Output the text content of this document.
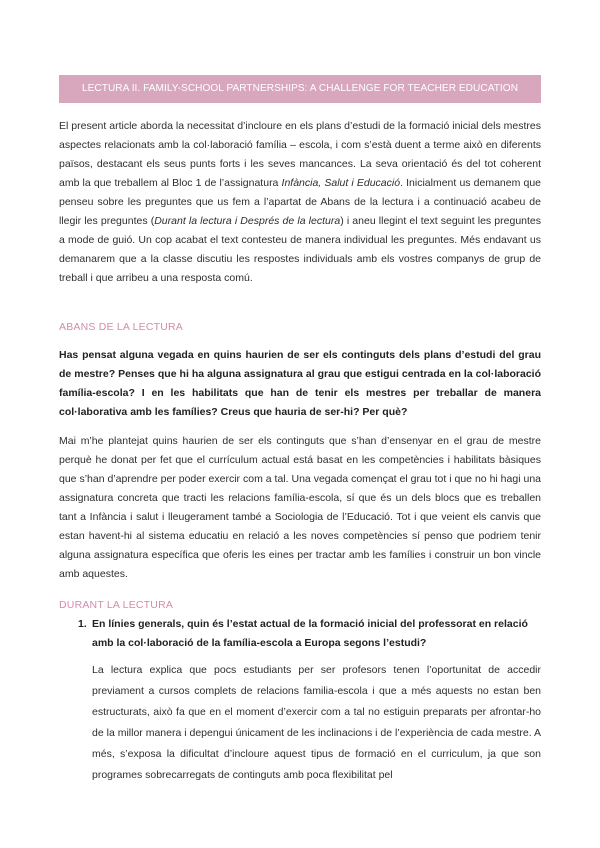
LECTURA II. FAMILY-SCHOOL PARTNERSHIPS: A CHALLENGE FOR TEACHER EDUCATION

El present article aborda la necessitat d’incloure en els plans d’estudi de la formació inicial dels mestres aspectes relacionats amb la col·laboració família – escola, i com s’està duent a terme això en diferents països, destacant els seus punts forts i les seves mancances. La seva orientació és del tot coherent amb la que treballem al Bloc 1 de l’assignatura Infància, Salut i Educació. Inicialment us demanem que penseu sobre les preguntes que us fem a l’apartat de Abans de la lectura i a continuació acabeu de llegir les preguntes (Durant la lectura i Després de la lectura) i aneu llegint el text seguint les preguntes a mode de guió. Un cop acabat el text contesteu de manera individual les preguntes. Més endavant us demanarem que a la classe discutiu les respostes individuals amb els vostres companys de grup de treball i que arribeu a una resposta comú.

ABANS DE LA LECTURA

Has pensat alguna vegada en quins haurien de ser els continguts dels plans d’estudi del grau de mestre? Penses que hi ha alguna assignatura al grau que estigui centrada en la col·laboració família-escola? I en les habilitats que han de tenir els mestres per treballar de manera col·laborativa amb les famílies? Creus que hauria de ser-hi? Per què?

Mai m’he plantejat quins haurien de ser els continguts que s’han d’ensenyar en el grau de mestre perquè he donat per fet que el currículum actual está basat en les competències i habilitats bàsiques que s’han d’aprendre per poder exercir com a tal. Una vegada començat el grau tot i que no hi hagi una assignatura concreta que tracti les relacions família-escola, sí que és un dels blocs que es treballen tant a Infància i salut i lleugerament també a Sociologia de l’Educació. Tot i que veient els canvis que estan havent-hi al sistema educatiu en relació a les noves competències sí penso que podriem tenir alguna assignatura específica que oferis les eines per tractar amb les famílies i construir un bon vincle amb aquestes.

DURANT LA LECTURA
1. En línies generals, quin és l’estat actual de la formació inicial del professorat en relació amb la col·laboració de la família-escola a Europa segons l’estudi?

La lectura explica que pocs estudiants per ser profesors tenen l’oportunitat de accedir previament a cursos complets de relacions familia-escola i que a més aquests no estan ben estructurats, això fa que en el moment d’exercir com a tal no estiguin preparats per afrontar-ho de la millor manera i depengui únicament de les inclinacions i de l’experiència de cada mestre. A més, s’exposa la dificultat d’incloure aquest tipus de formació en el curriculum, ja que son programes sobrecarregats de continguts amb poca flexibilitat pel
